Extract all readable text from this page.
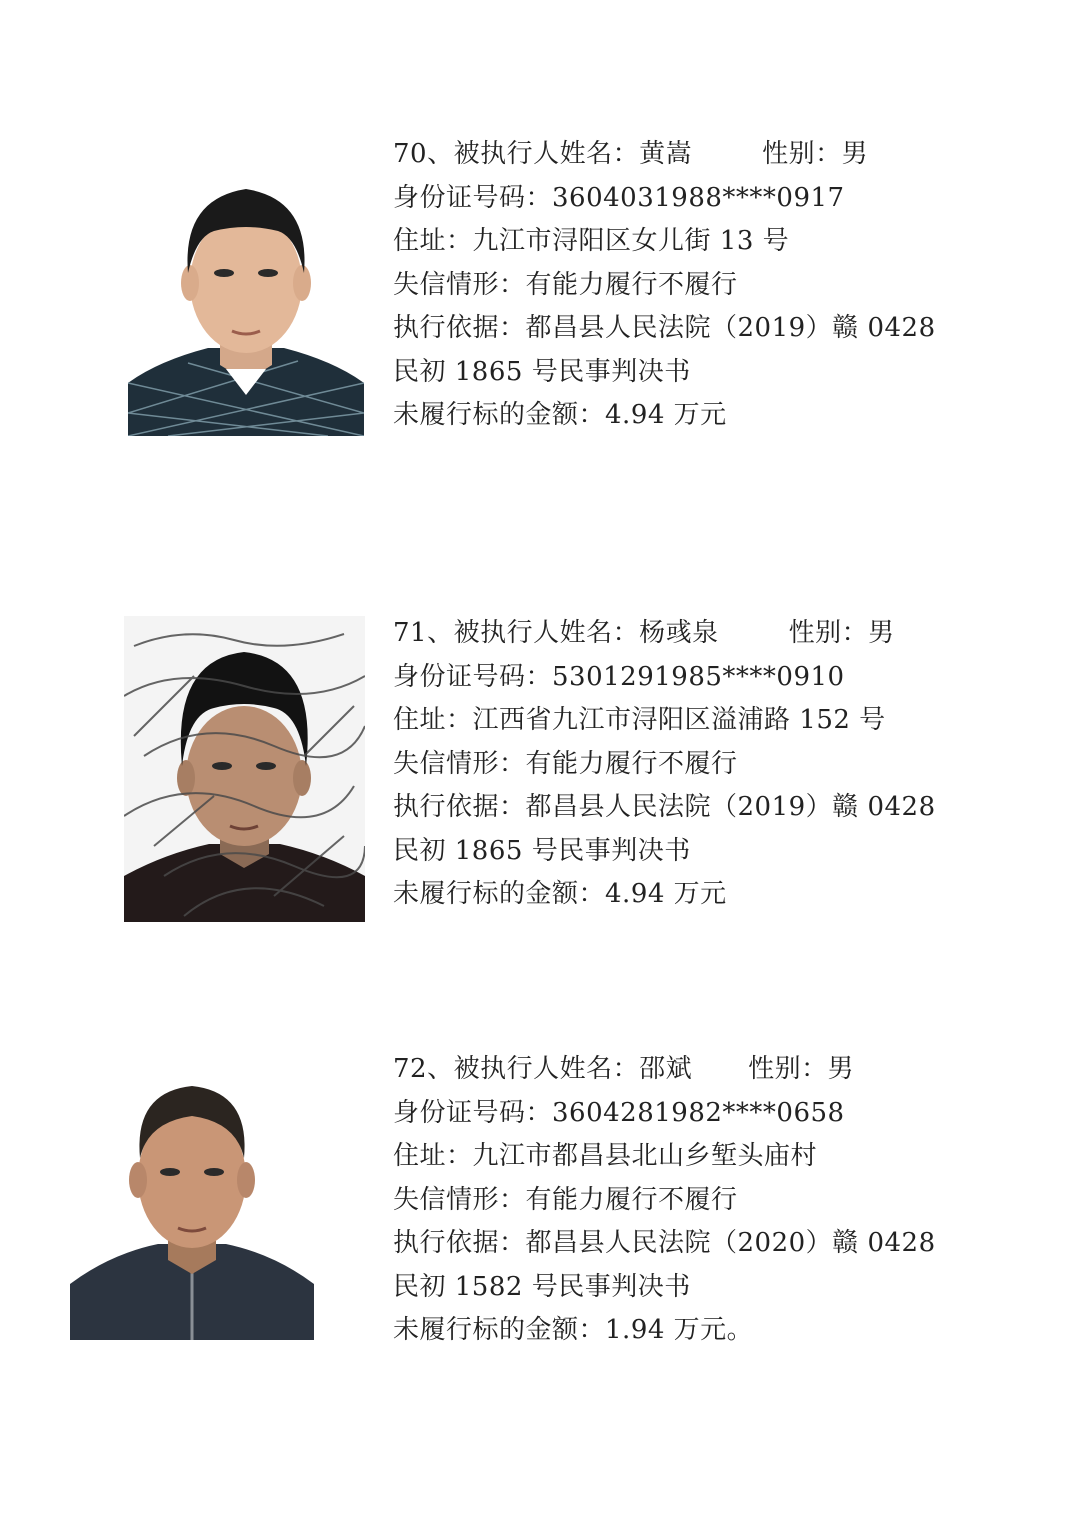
70、被执行人姓名：黄嵩	性别：男
身份证号码：3604031988****0917
住址：九江市浔阳区女儿街 13 号
失信情形：有能力履行不履行
执行依据：都昌县人民法院（2019）赣 0428
民初 1865 号民事判决书
未履行标的金额：4.94 万元
71、被执行人姓名：杨彧泉	性别：男
身份证号码：5301291985****0910
住址：江西省九江市浔阳区溢浦路 152 号
失信情形：有能力履行不履行
执行依据：都昌县人民法院（2019）赣 0428
民初 1865 号民事判决书
未履行标的金额：4.94 万元
72、被执行人姓名：邵斌 性别：男
身份证号码：3604281982****0658
住址：九江市都昌县北山乡堑头庙村
失信情形：有能力履行不履行
执行依据：都昌县人民法院（2020）赣 0428
民初 1582 号民事判决书
未履行标的金额：1.94 万元。
